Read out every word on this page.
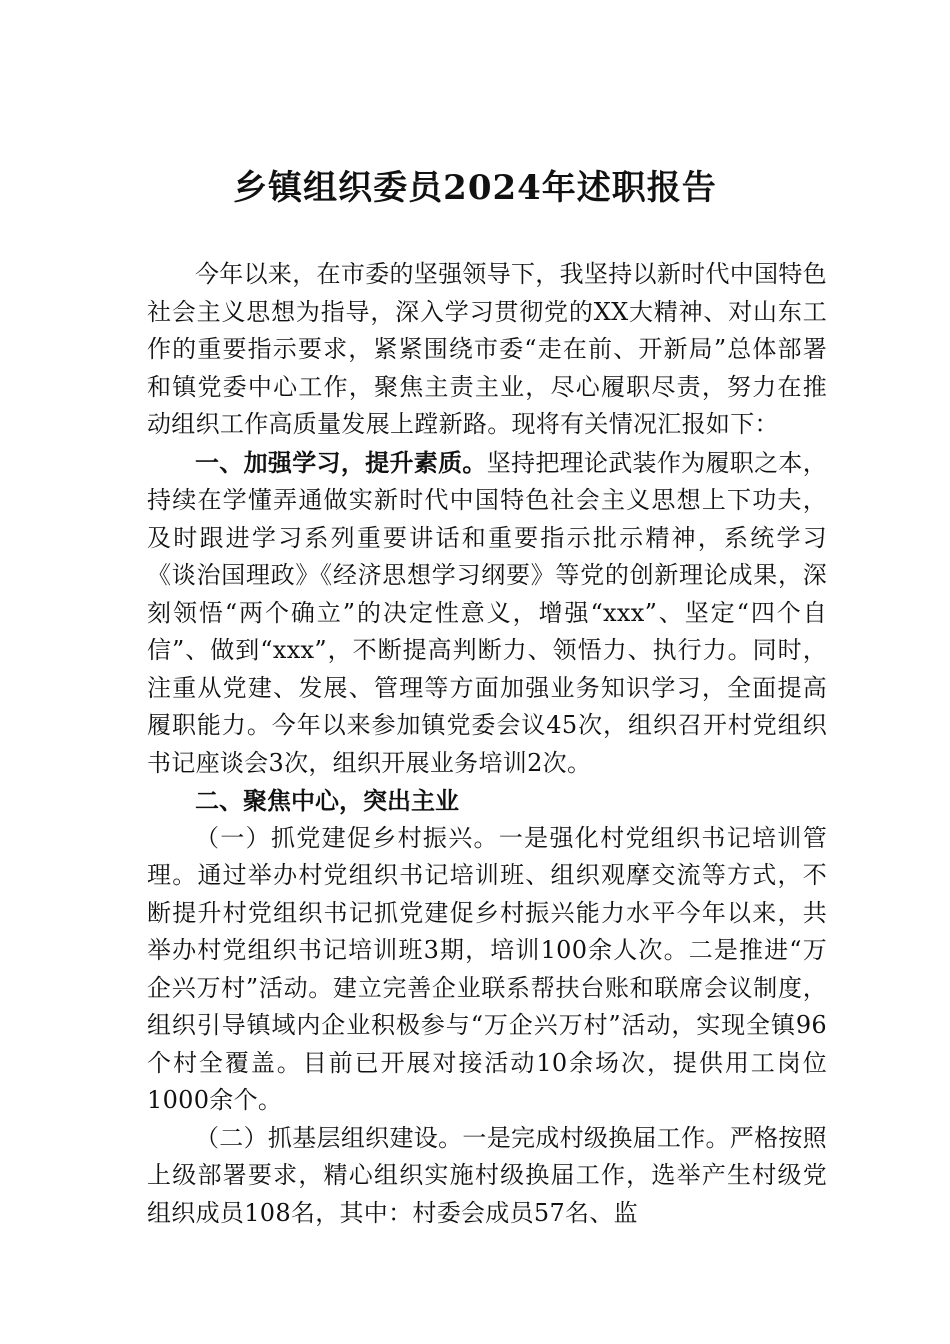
乡镇组织委员2024年述职报告

今年以来，在市委的坚强领导下，我坚持以新时代中国特色社会主义思想为指导，深入学习贯彻党的XX大精神、对山东工作的重要指示要求，紧紧围绕市委“走在前、开新局”总体部署和镇党委中心工作，聚焦主责主业，尽心履职尽责，努力在推动组织工作高质量发展上蹚新路。现将有关情况汇报如下：

一、加强学习，提升素质。坚持把理论武装作为履职之本，持续在学懂弄通做实新时代中国特色社会主义思想上下功夫，及时跟进学习系列重要讲话和重要指示批示精神，系统学习《谈治国理政》《经济思想学习纲要》等党的创新理论成果，深刻领悟“两个确立”的决定性意义，增强“xxx”、坚定“四个自信”、做到“xxx”，不断提高判断力、领悟力、执行力。同时，注重从党建、发展、管理等方面加强业务知识学习，全面提高履职能力。今年以来参加镇党委会议45次，组织召开村党组织书记座谈会3次，组织开展业务培训2次。

二、聚焦中心，突出主业

（一）抓党建促乡村振兴。一是强化村党组织书记培训管理。通过举办村党组织书记培训班、组织观摩交流等方式，不断提升村党组织书记抓党建促乡村振兴能力水平今年以来，共举办村党组织书记培训班3期，培训100余人次。二是推进“万企兴万村”活动。建立完善企业联系帮扶台账和联席会议制度，组织引导镇域内企业积极参与“万企兴万村”活动，实现全镇96个村全覆盖。目前已开展对接活动10余场次，提供用工岗位1000余个。

（二）抓基层组织建设。一是完成村级换届工作。严格按照上级部署要求，精心组织实施村级换届工作，选举产生村级党组织成员108名，其中：村委会成员57名、监
